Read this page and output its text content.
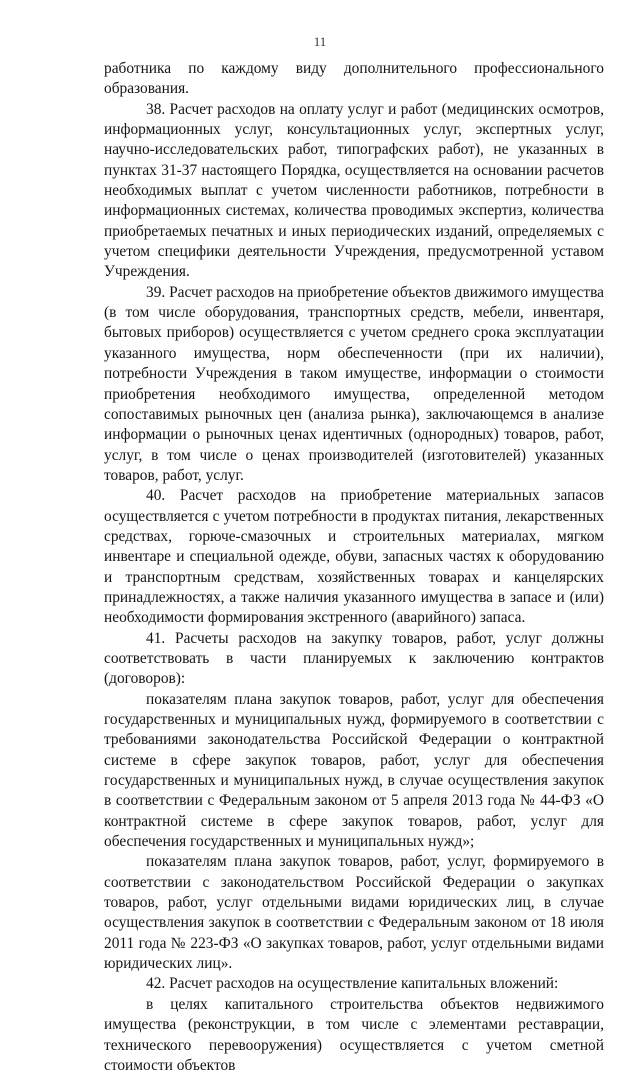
11

работника по каждому виду дополнительного профессионального образования.

38. Расчет расходов на оплату услуг и работ (медицинских осмотров, информационных услуг, консультационных услуг, экспертных услуг, научно-исследовательских работ, типографских работ), не указанных в пунктах 31-37 настоящего Порядка, осуществляется на основании расчетов необходимых выплат с учетом численности работников, потребности в информационных системах, количества проводимых экспертиз, количества приобретаемых печатных и иных периодических изданий, определяемых с учетом специфики деятельности Учреждения, предусмотренной уставом Учреждения.

39. Расчет расходов на приобретение объектов движимого имущества (в том числе оборудования, транспортных средств, мебели, инвентаря, бытовых приборов) осуществляется с учетом среднего срока эксплуатации указанного имущества, норм обеспеченности (при их наличии), потребности Учреждения в таком имуществе, информации о стоимости приобретения необходимого имущества, определенной методом сопоставимых рыночных цен (анализа рынка), заключающемся в анализе информации о рыночных ценах идентичных (однородных) товаров, работ, услуг, в том числе о ценах производителей (изготовителей) указанных товаров, работ, услуг.

40. Расчет расходов на приобретение материальных запасов осуществляется с учетом потребности в продуктах питания, лекарственных средствах, горюче-смазочных и строительных материалах, мягком инвентаре и специальной одежде, обуви, запасных частях к оборудованию и транспортным средствам, хозяйственных товарах и канцелярских принадлежностях, а также наличия указанного имущества в запасе и (или) необходимости формирования экстренного (аварийного) запаса.

41. Расчеты расходов на закупку товаров, работ, услуг должны соответствовать в части планируемых к заключению контрактов (договоров):

показателям плана закупок товаров, работ, услуг для обеспечения государственных и муниципальных нужд, формируемого в соответствии с требованиями законодательства Российской Федерации о контрактной системе в сфере закупок товаров, работ, услуг для обеспечения государственных и муниципальных нужд, в случае осуществления закупок в соответствии с Федеральным законом от 5 апреля 2013 года № 44-ФЗ «О контрактной системе в сфере закупок товаров, работ, услуг для обеспечения государственных и муниципальных нужд»;

показателям плана закупок товаров, работ, услуг, формируемого в соответствии с законодательством Российской Федерации о закупках товаров, работ, услуг отдельными видами юридических лиц, в случае осуществления закупок в соответствии с Федеральным законом от 18 июля 2011 года № 223-ФЗ «О закупках товаров, работ, услуг отдельными видами юридических лиц».

42. Расчет расходов на осуществление капитальных вложений:

в целях капитального строительства объектов недвижимого имущества (реконструкции, в том числе с элементами реставрации, технического перевооружения) осуществляется с учетом сметной стоимости объектов
